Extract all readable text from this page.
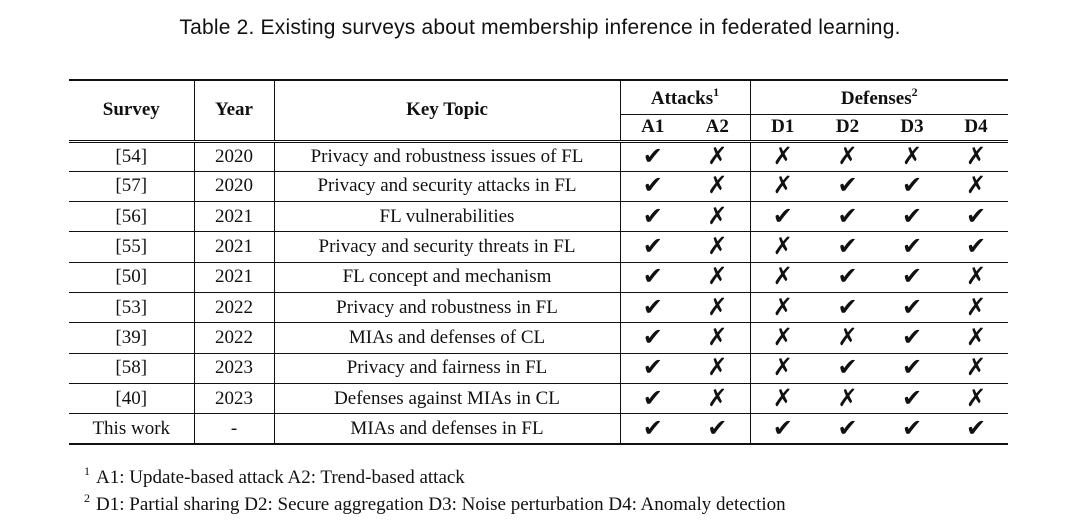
Table 2. Existing surveys about membership inference in federated learning.
Survey	Year	Key Topic	Attacks$^1$		Defenses$^2$
			A1	A2	D1	D2	D3	D4
[54]	2020	Privacy and robustness issues of FL	✔	✗	✗	✗	✗	✗
[57]	2020	Privacy and security attacks in FL	✔	✗	✗	✔	✔	✗
[56]	2021	FL vulnerabilities	✔	✗	✔	✔	✔	✔
[55]	2021	Privacy and security threats in FL	✔	✗	✗	✔	✔	✔
[50]	2021	FL concept and mechanism	✔	✗	✗	✔	✔	✗
[53]	2022	Privacy and robustness in FL	✔	✗	✗	✔	✔	✗
[39]	2022	MIAs and defenses of CL	✔	✗	✗	✗	✔	✗
[58]	2023	Privacy and fairness in FL	✔	✗	✗	✔	✔	✗
[40]	2023	Defenses against MIAs in CL	✔	✗	✗	✗	✔	✗
This work	-	MIAs and defenses in FL	✔	✔	✔	✔	✔	✔
$^1$ A1: Update-based attack A2: Trend-based attack
$^2$ D1: Partial sharing D2: Secure aggregation D3: Noise perturbation D4: Anomaly detection
